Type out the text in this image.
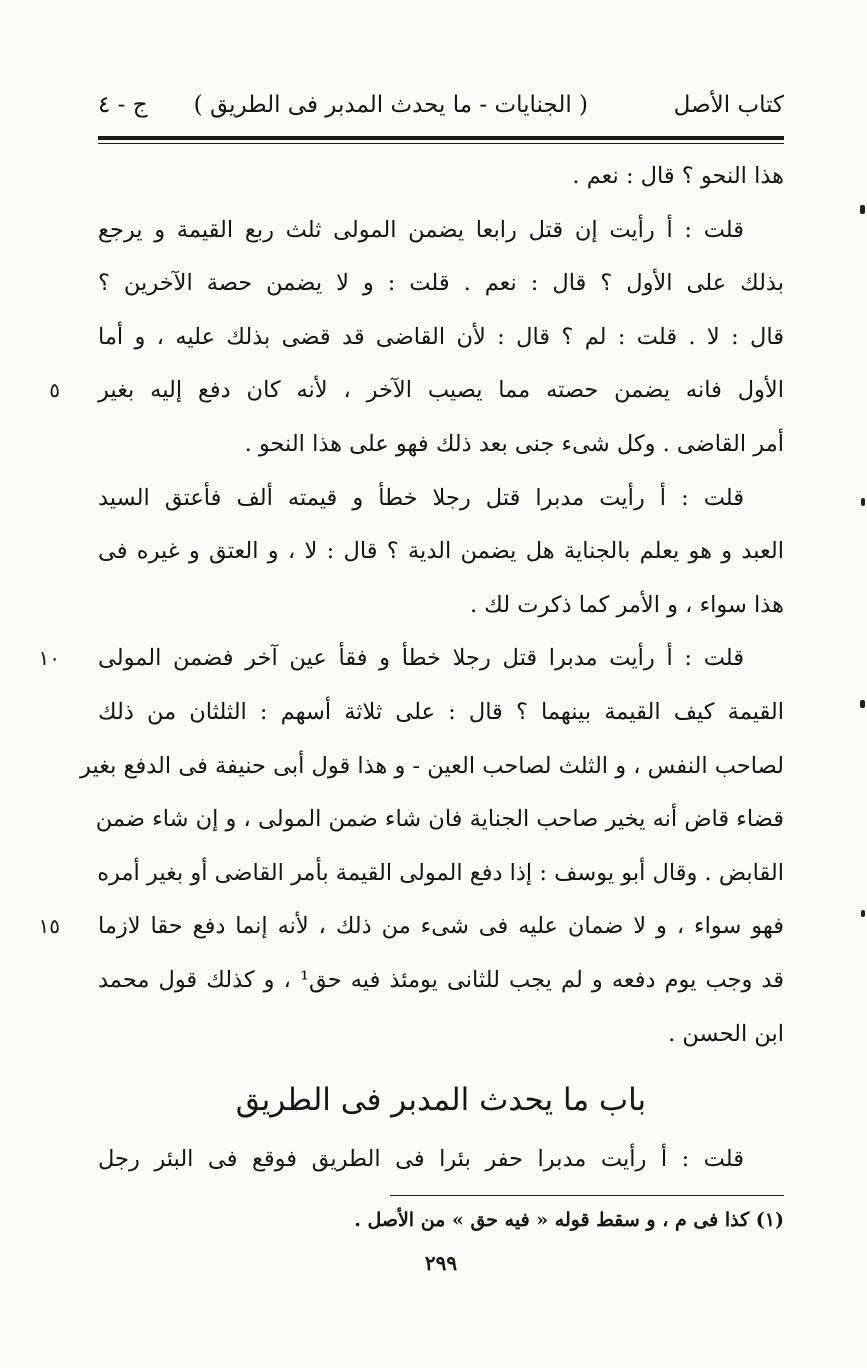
كتاب الأصل
( الجنايات - ما يحدث المدبر فى الطريق )
ج - ٤
هذا النحو ؟ قال : نعم .
قلت : أ رأيت إن قتل رابعا يضمن المولى ثلث ربع القيمة و يرجع
بذلك على الأول ؟ قال : نعم . قلت : و لا يضمن حصة الآخرين ؟
قال : لا . قلت : لم ؟ قال : لأن القاضى قد قضى بذلك عليه ، و أما
الأول فانه يضمن حصته مما يصيب الآخر ، لأنه كان دفع إليه بغير
٥
أمر القاضى . وكل شىء جنى بعد ذلك فهو على هذا النحو .
قلت : أ رأيت مدبرا قتل رجلا خطأ و قيمته ألف فأعتق السيد
العبد و هو يعلم بالجناية هل يضمن الدية ؟ قال : لا ، و العتق و غيره فى
هذا سواء ، و الأمر كما ذكرت لك .
قلت : أ رأيت مدبرا قتل رجلا خطأ و فقأ عين آخر فضمن المولى
١٠
القيمة كيف القيمة بينهما ؟ قال : على ثلاثة أسهم : الثلثان من ذلك
لصاحب النفس ، و الثلث لصاحب العين - و هذا قول أبى حنيفة فى الدفع بغير
قضاء قاض أنه يخير صاحب الجناية فان شاء ضمن المولى ، و إن شاء ضمن
القابض . وقال أبو يوسف : إذا دفع المولى القيمة بأمر القاضى أو بغير أمره
فهو سواء ، و لا ضمان عليه فى شىء من ذلك ، لأنه إنما دفع حقا لازما
١٥
قد وجب يوم دفعه و لم يجب للثانى يومئذ فيه حق¹ ، و كذلك قول محمد
ابن الحسن .
باب ما يحدث المدبر فى الطريق
قلت : أ رأيت مدبرا حفر بئرا فى الطريق فوقع فى البئر رجل
(١) كذا فى م ، و سقط قوله « فيه حق » من الأصل .
٢٩٩
